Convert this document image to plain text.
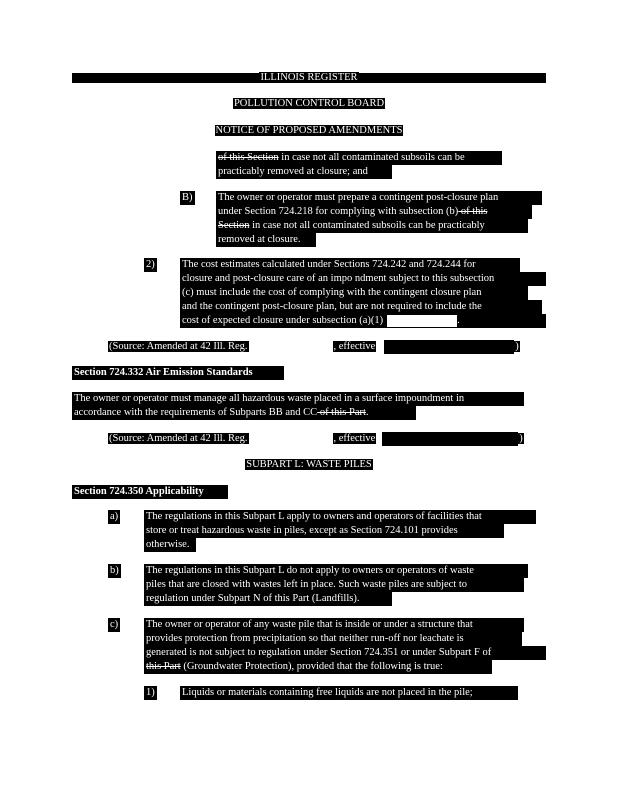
ILLINOIS REGISTER
POLLUTION CONTROL BOARD
NOTICE OF PROPOSED AMENDMENTS
of this Section in case not all contaminated subsoils can be
practicably removed at closure; and
B) The owner or operator must prepare a contingent post-closure plan
under Section 724.218 for complying with subsection (b) of this
Section in case not all contaminated subsoils can be practicably
removed at closure.
2)	The cost estimates calculated under Sections 724.242 and 724.244 for
closure and post-closure care of an impo ndment subject to this subsection
(c) must include the cost of complying with the contingent closure plan
and the contingent post-closure plan, but are not required to include the
cost of expected closure under subsection (a)(1)	.
(Source: Amended at 42 Ill. Reg.	, effective	)
Section 724.332 Air Emission Standards
The owner or operator must manage all hazardous waste placed in a surface impoundment in
accordance with the requirements of Subparts BB and CC of this Part.
(Source: Amended at 42 Ill. Reg.	, effective	)
SUBPART L: WASTE PILES
Section 724.350 Applicability
a)	The regulations in this Subpart L apply to owners and operators of facilities that
store or treat hazardous waste in piles, except as Section 724.101 provides
otherwise.
b)	The regulations in this Subpart L do not apply to owners or operators of waste
piles that are closed with wastes left in place. Such waste piles are subject to
regulation under Subpart N of this Part (Landfills).
c)	The owner or operator of any waste pile that is inside or under a structure that
provides protection from precipitation so that neither run-off nor leachate is
generated is not subject to regulation under Section 724.351 or under Subpart F of
this Part (Groundwater Protection), provided that the following is true:
1)	Liquids or materials containing free liquids are not placed in the pile;
